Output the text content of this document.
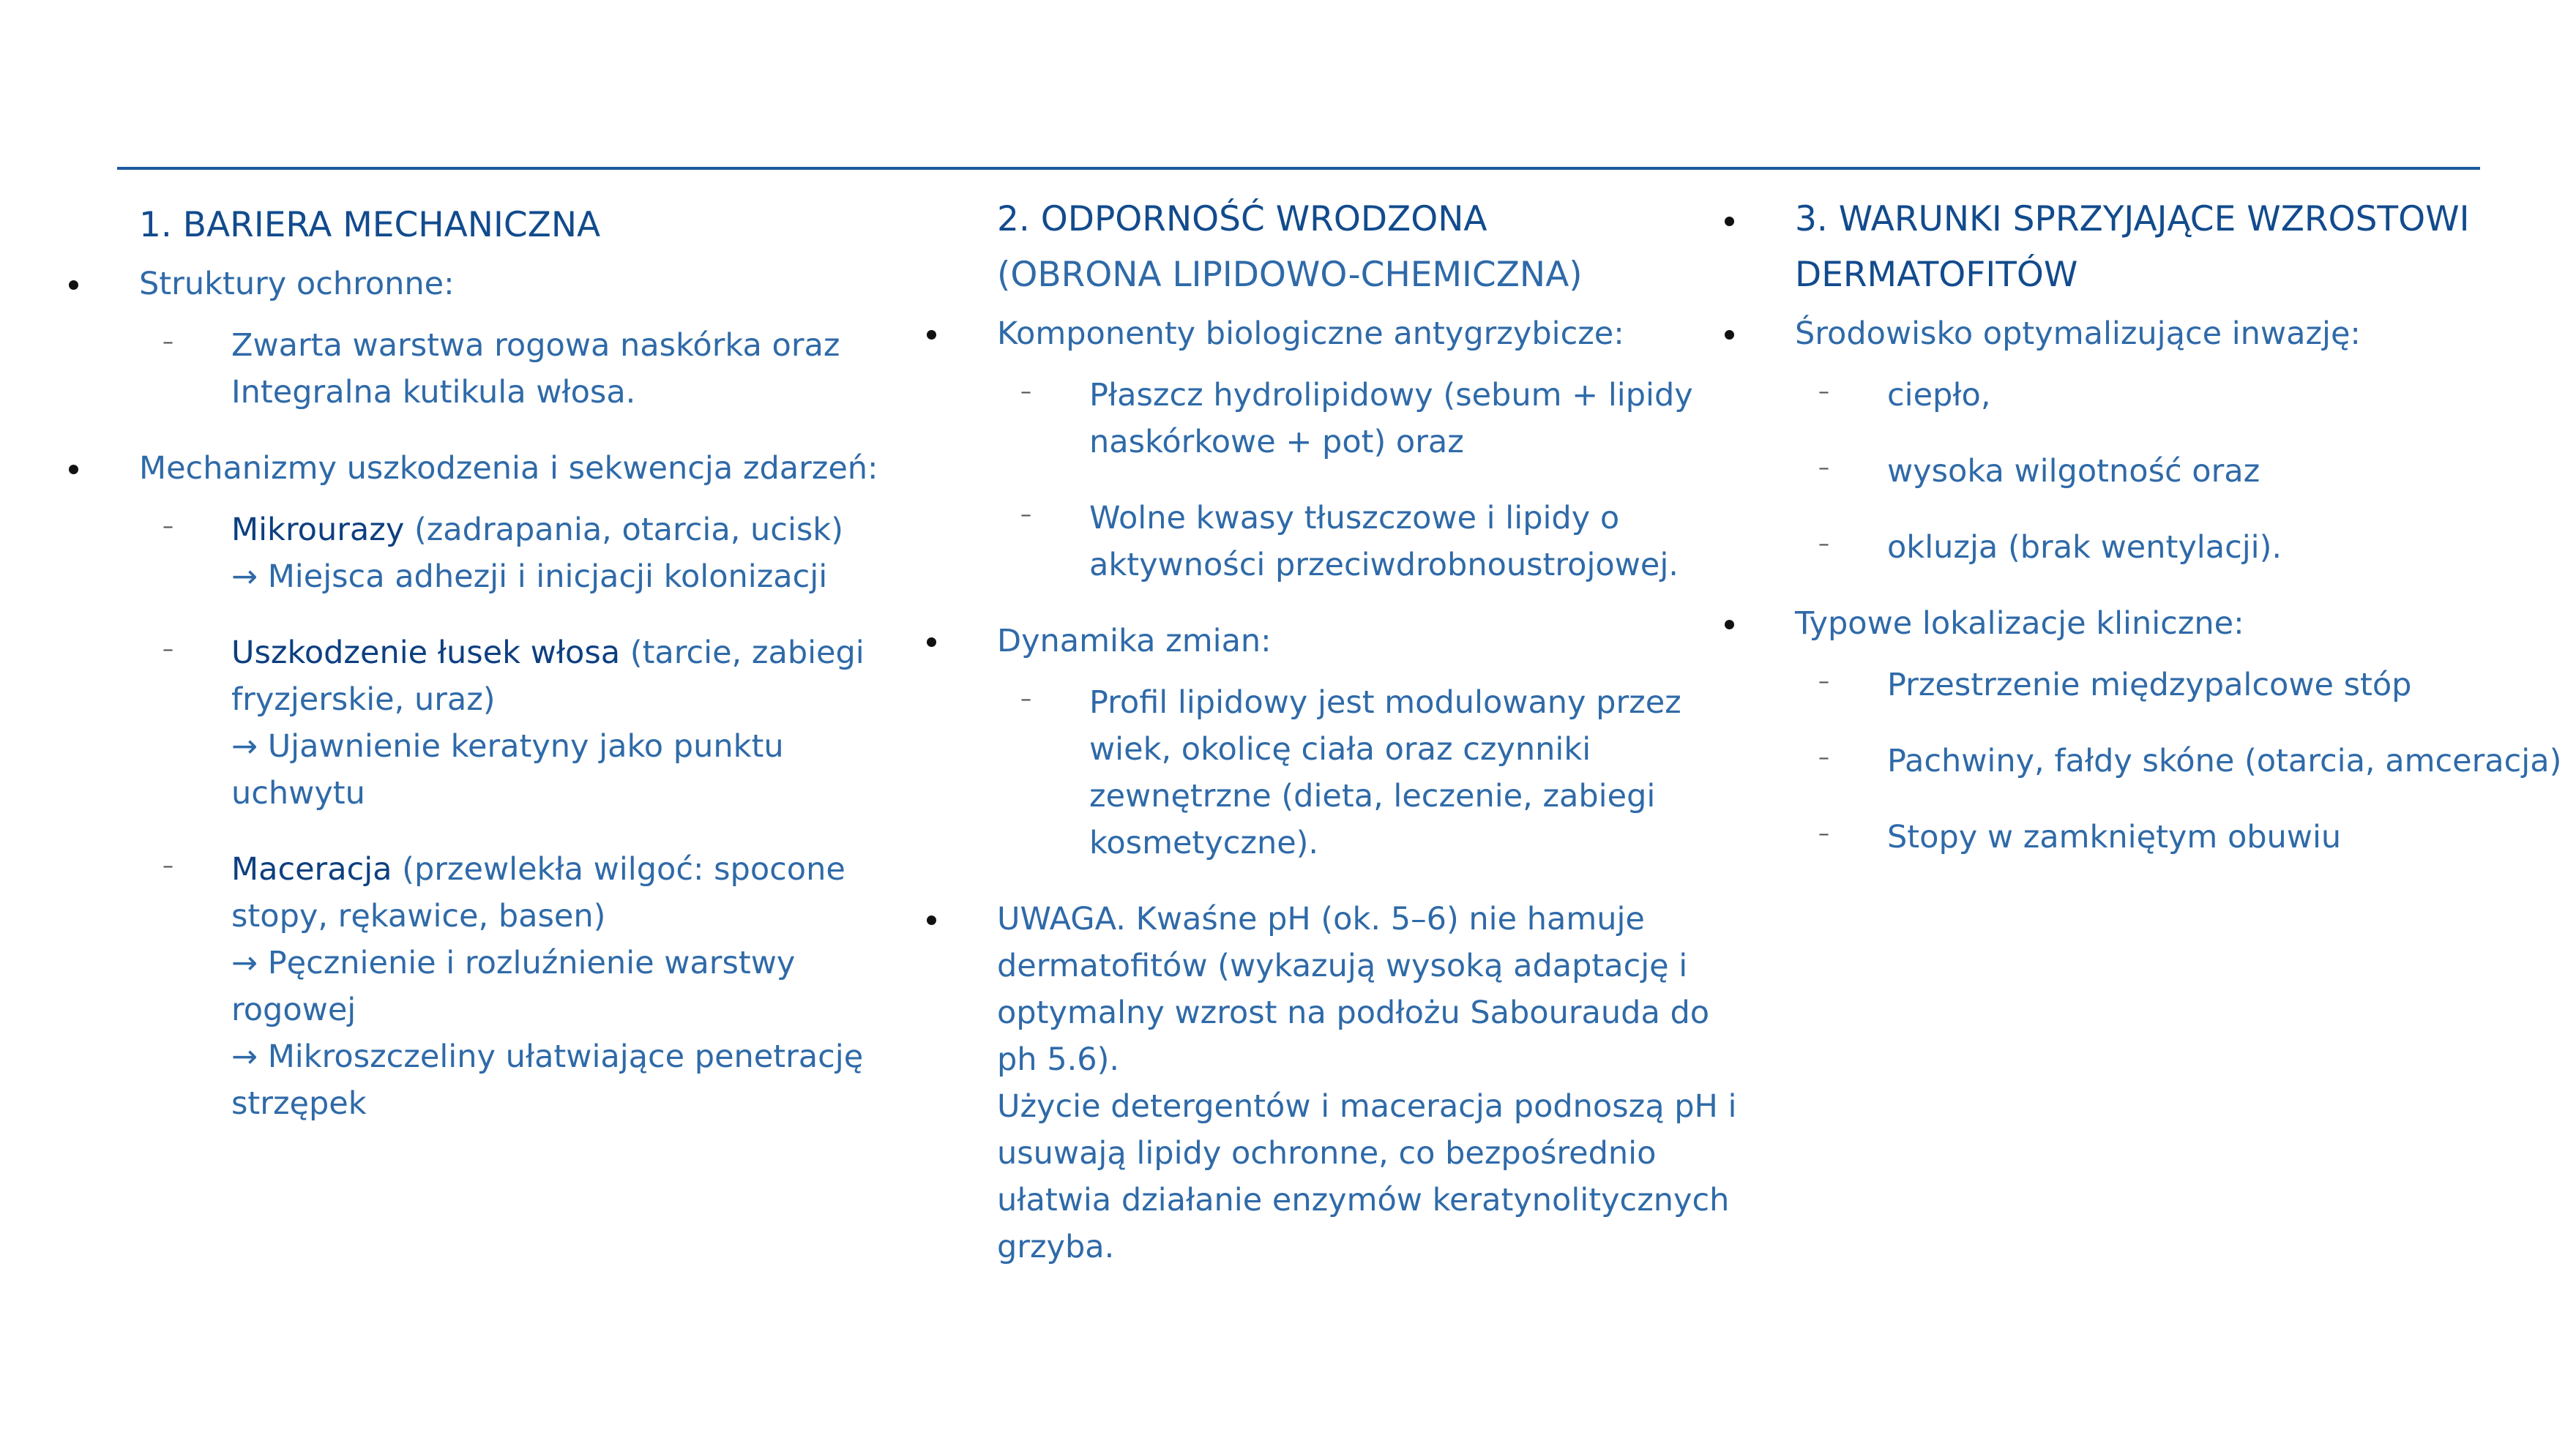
1. BARIERA MECHANICZNA
Struktury ochronne:
– Zwarta warstwa rogowa naskórka oraz Integralna kutikula włosa.
Mechanizmy uszkodzenia i sekwencja zdarzeń:
– Mikrourazy (zadrapania, otarcia, ucisk)
→ Miejsca adhezji i inicjacji kolonizacji
– Uszkodzenie łusek włosa (tarcie, zabiegi fryzjerskie, uraz)
→ Ujawnienie keratyny jako punktu uchwytu
– Maceracja (przewlekła wilgoć: spocone stopy, rękawice, basen)
→ Pęcznienie i rozluźnienie warstwy rogowej
→ Mikroszczeliny ułatwiające penetrację strzępek
2. ODPORNOŚĆ WRODZONA
(OBRONA LIPIDOWO-CHEMICZNA)
Komponenty biologiczne antygrzybicze:
– Płaszcz hydrolipidowy (sebum + lipidy naskórkowe + pot) oraz
– Wolne kwasy tłuszczowe i lipidy o aktywności przeciwdrobnoustrojowej.
Dynamika zmian:
– Profil lipidowy jest modulowany przez wiek, okolicę ciała oraz czynniki zewnętrzne (dieta, leczenie, zabiegi kosmetyczne).
UWAGA. Kwaśne pH (ok. 5–6) nie hamuje dermatofitów (wykazują wysoką adaptację i optymalny wzrost na podłożu Sabourauda do ph 5.6).
Użycie detergentów i maceracja podnoszą pH i usuwają lipidy ochronne, co bezpośrednio ułatwia działanie enzymów keratynolitycznych grzyba.
3. WARUNKI SPRZYJAJĄCE WZROSTOWI DERMATOFITÓW
Środowisko optymalizujące inwazję:
– ciepło,
– wysoka wilgotność oraz
– okluzja (brak wentylacji).
Typowe lokalizacje kliniczne:
– Przestrzenie międzypalcowe stóp
– Pachwiny, fałdy skóne (otarcia, amceracja)
– Stopy w zamkniętym obuwiu
